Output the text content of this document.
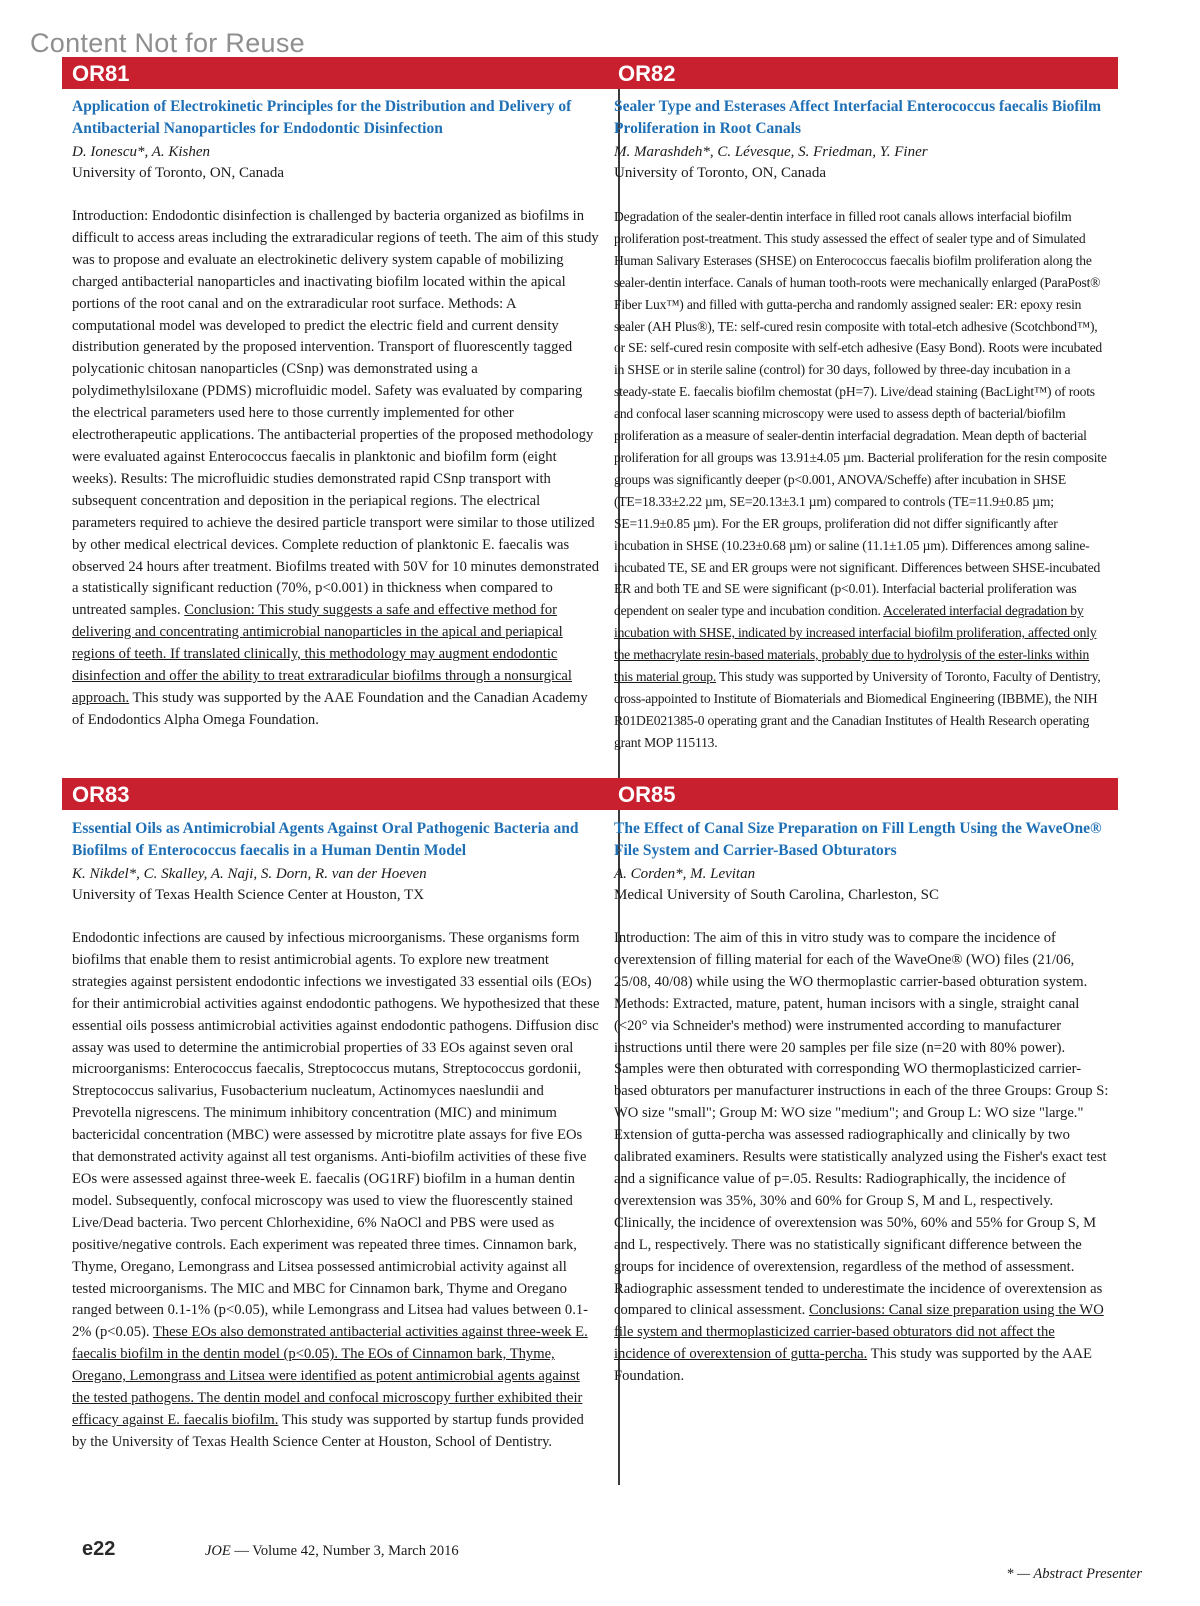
Content Not for Reuse
OR81	OR82
OR83	OR85
Application of Electrokinetic Principles for the Distribution and Delivery of Antibacterial Nanoparticles for Endodontic Disinfection
D. Ionescu*, A. Kishen
University of Toronto, ON, Canada
Introduction: Endodontic disinfection is challenged by bacteria organized as biofilms in difficult to access areas including the extraradicular regions of teeth. The aim of this study was to propose and evaluate an electrokinetic delivery system capable of mobilizing charged antibacterial nanoparticles and inactivating biofilm located within the apical portions of the root canal and on the extraradicular root surface. Methods: A computational model was developed to predict the electric field and current density distribution generated by the proposed intervention. Transport of fluorescently tagged polycationic chitosan nanoparticles (CSnp) was demonstrated using a polydimethylsiloxane (PDMS) microfluidic model. Safety was evaluated by comparing the electrical parameters used here to those currently implemented for other electrotherapeutic applications. The antibacterial properties of the proposed methodology were evaluated against Enterococcus faecalis in planktonic and biofilm form (eight weeks). Results: The microfluidic studies demonstrated rapid CSnp transport with subsequent concentration and deposition in the periapical regions. The electrical parameters required to achieve the desired particle transport were similar to those utilized by other medical electrical devices. Complete reduction of planktonic E. faecalis was observed 24 hours after treatment. Biofilms treated with 50V for 10 minutes demonstrated a statistically significant reduction (70%, p<0.001) in thickness when compared to untreated samples. Conclusion: This study suggests a safe and effective method for delivering and concentrating antimicrobial nanoparticles in the apical and periapical regions of teeth. If translated clinically, this methodology may augment endodontic disinfection and offer the ability to treat extraradicular biofilms through a nonsurgical approach. This study was supported by the AAE Foundation and the Canadian Academy of Endodontics Alpha Omega Foundation.
Sealer Type and Esterases Affect Interfacial Enterococcus faecalis Biofilm Proliferation in Root Canals
M. Marashdeh*, C. Lévesque, S. Friedman, Y. Finer
University of Toronto, ON, Canada
Degradation of the sealer-dentin interface in filled root canals allows interfacial biofilm proliferation post-treatment. This study assessed the effect of sealer type and of Simulated Human Salivary Esterases (SHSE) on Enterococcus faecalis biofilm proliferation along the sealer-dentin interface. Canals of human tooth-roots were mechanically enlarged (ParaPost® Fiber Lux™) and filled with gutta-percha and randomly assigned sealer: ER: epoxy resin sealer (AH Plus®), TE: self-cured resin composite with total-etch adhesive (Scotchbond™), or SE: self-cured resin composite with self-etch adhesive (Easy Bond). Roots were incubated in SHSE or in sterile saline (control) for 30 days, followed by three-day incubation in a steady-state E. faecalis biofilm chemostat (pH=7). Live/dead staining (BacLight™) of roots and confocal laser scanning microscopy were used to assess depth of bacterial/biofilm proliferation as a measure of sealer-dentin interfacial degradation. Mean depth of bacterial proliferation for all groups was 13.91±4.05 µm. Bacterial proliferation for the resin composite groups was significantly deeper (p<0.001, ANOVA/Scheffe) after incubation in SHSE (TE=18.33±2.22 µm, SE=20.13±3.1 µm) compared to controls (TE=11.9±0.85 µm; SE=11.9±0.85 µm). For the ER groups, proliferation did not differ significantly after incubation in SHSE (10.23±0.68 µm) or saline (11.1±1.05 µm). Differences among saline-incubated TE, SE and ER groups were not significant. Differences between SHSE-incubated ER and both TE and SE were significant (p<0.01). Interfacial bacterial proliferation was dependent on sealer type and incubation condition. Accelerated interfacial degradation by incubation with SHSE, indicated by increased interfacial biofilm proliferation, affected only the methacrylate resin-based materials, probably due to hydrolysis of the ester-links within this material group. This study was supported by University of Toronto, Faculty of Dentistry, cross-appointed to Institute of Biomaterials and Biomedical Engineering (IBBME), the NIH R01DE021385-0 operating grant and the Canadian Institutes of Health Research operating grant MOP 115113.
Essential Oils as Antimicrobial Agents Against Oral Pathogenic Bacteria and Biofilms of Enterococcus faecalis in a Human Dentin Model
K. Nikdel*, C. Skalley, A. Naji, S. Dorn, R. van der Hoeven
University of Texas Health Science Center at Houston, TX
Endodontic infections are caused by infectious microorganisms. These organisms form biofilms that enable them to resist antimicrobial agents. To explore new treatment strategies against persistent endodontic infections we investigated 33 essential oils (EOs) for their antimicrobial activities against endodontic pathogens. We hypothesized that these essential oils possess antimicrobial activities against endodontic pathogens. Diffusion disc assay was used to determine the antimicrobial properties of 33 EOs against seven oral microorganisms: Enterococcus faecalis, Streptococcus mutans, Streptococcus gordonii, Streptococcus salivarius, Fusobacterium nucleatum, Actinomyces naeslundii and Prevotella nigrescens. The minimum inhibitory concentration (MIC) and minimum bactericidal concentration (MBC) were assessed by microtitre plate assays for five EOs that demonstrated activity against all test organisms. Anti-biofilm activities of these five EOs were assessed against three-week E. faecalis (OG1RF) biofilm in a human dentin model. Subsequently, confocal microscopy was used to view the fluorescently stained Live/Dead bacteria. Two percent Chlorhexidine, 6% NaOCl and PBS were used as positive/negative controls. Each experiment was repeated three times. Cinnamon bark, Thyme, Oregano, Lemongrass and Litsea possessed antimicrobial activity against all tested microorganisms. The MIC and MBC for Cinnamon bark, Thyme and Oregano ranged between 0.1-1% (p<0.05), while Lemongrass and Litsea had values between 0.1-2% (p<0.05). These EOs also demonstrated antibacterial activities against three-week E. faecalis biofilm in the dentin model (p<0.05). The EOs of Cinnamon bark, Thyme, Oregano, Lemongrass and Litsea were identified as potent antimicrobial agents against the tested pathogens. The dentin model and confocal microscopy further exhibited their efficacy against E. faecalis biofilm. This study was supported by startup funds provided by the University of Texas Health Science Center at Houston, School of Dentistry.
The Effect of Canal Size Preparation on Fill Length Using the WaveOne® File System and Carrier-Based Obturators
A. Corden*, M. Levitan
Medical University of South Carolina, Charleston, SC
Introduction: The aim of this in vitro study was to compare the incidence of overextension of filling material for each of the WaveOne® (WO) files (21/06, 25/08, 40/08) while using the WO thermoplastic carrier-based obturation system. Methods: Extracted, mature, patent, human incisors with a single, straight canal (<20° via Schneider's method) were instrumented according to manufacturer instructions until there were 20 samples per file size (n=20 with 80% power). Samples were then obturated with corresponding WO thermoplasticized carrier-based obturators per manufacturer instructions in each of the three Groups: Group S: WO size "small"; Group M: WO size "medium"; and Group L: WO size "large." Extension of gutta-percha was assessed radiographically and clinically by two calibrated examiners. Results were statistically analyzed using the Fisher's exact test and a significance value of p=.05. Results: Radiographically, the incidence of overextension was 35%, 30% and 60% for Group S, M and L, respectively. Clinically, the incidence of overextension was 50%, 60% and 55% for Group S, M and L, respectively. There was no statistically significant difference between the groups for incidence of overextension, regardless of the method of assessment. Radiographic assessment tended to underestimate the incidence of overextension as compared to clinical assessment. Conclusions: Canal size preparation using the WO file system and thermoplasticized carrier-based obturators did not affect the incidence of overextension of gutta-percha. This study was supported by the AAE Foundation.
e22	JOE — Volume 42, Number 3, March 2016
* — Abstract Presenter
